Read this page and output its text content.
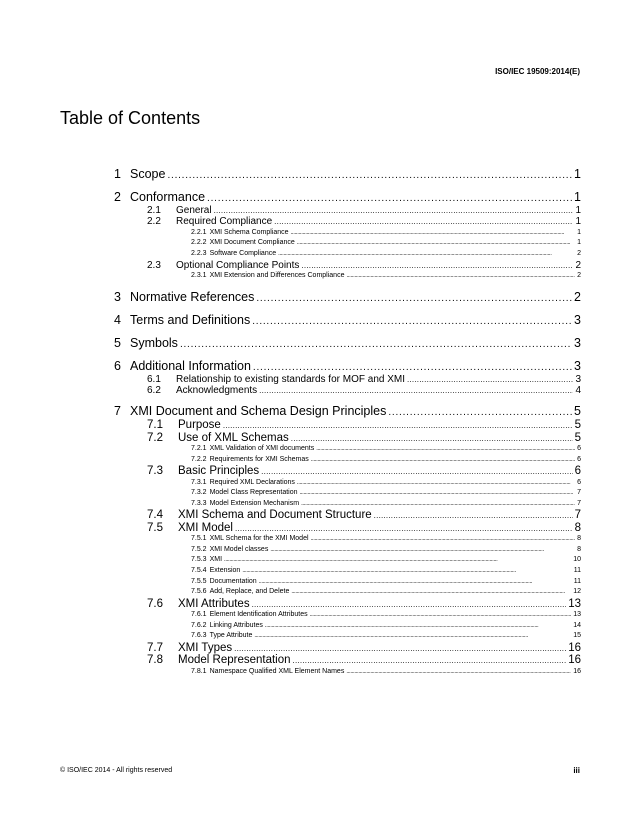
ISO/IEC 19509:2014(E)
Table of Contents
1 Scope . . .	1
2 Conformance . . .	1
2.1	General . . .	1
2.2	Required Compliance . . .	1
2.2.1 XMI Schema Compliance . . .	1
2.2.2 XMI Document Compliance . . .	1
2.2.3 Software Compliance . . .	2
2.3	Optional Compliance Points . . .	2
2.3.1 XMI Extension and Differences Compliance . . .	2
3 Normative References . . .	2
4 Terms and Definitions . . .	3
5 Symbols . . .	3
6 Additional Information . . .	3
6.1	Relationship to existing standards for MOF and XMI . . .	3
6.2	Acknowledgments . . .	4
7 XMI Document and Schema Design Principles . . .	5
7.1	Purpose . . .	5
7.2	Use of XML Schemas . . .	5
7.2.1 XML Validation of XMI documents . . .	6
7.2.2 Requirements for XMI Schemas . . .	6
7.3	Basic Principles . . .	6
7.3.1 Required XML Declarations . . .	6
7.3.2 Model Class Representation . . .	7
7.3.3 Model Extension Mechanism . . .	7
7.4	XMI Schema and Document Structure . . .	7
7.5	XMI Model . . .	8
7.5.1 XML Schema for the XMI Model . . .	8
7.5.2 XMI Model classes . . .	8
7.5.3 XMI . . .	10
7.5.4 Extension . . .	11
7.5.5 Documentation . . .	11
7.5.6 Add, Replace, and Delete . . .	12
7.6	XMI Attributes . . .	13
7.6.1 Element Identification Attributes . . .	13
7.6.2 Linking Attributes . . .	14
7.6.3 Type Attribute . . .	15
7.7	XMI Types . . .	16
7.8	Model Representation . . .	16
7.8.1 Namespace Qualified XML Element Names . . .	16
© ISO/IEC 2014 - All rights reserved	iii
